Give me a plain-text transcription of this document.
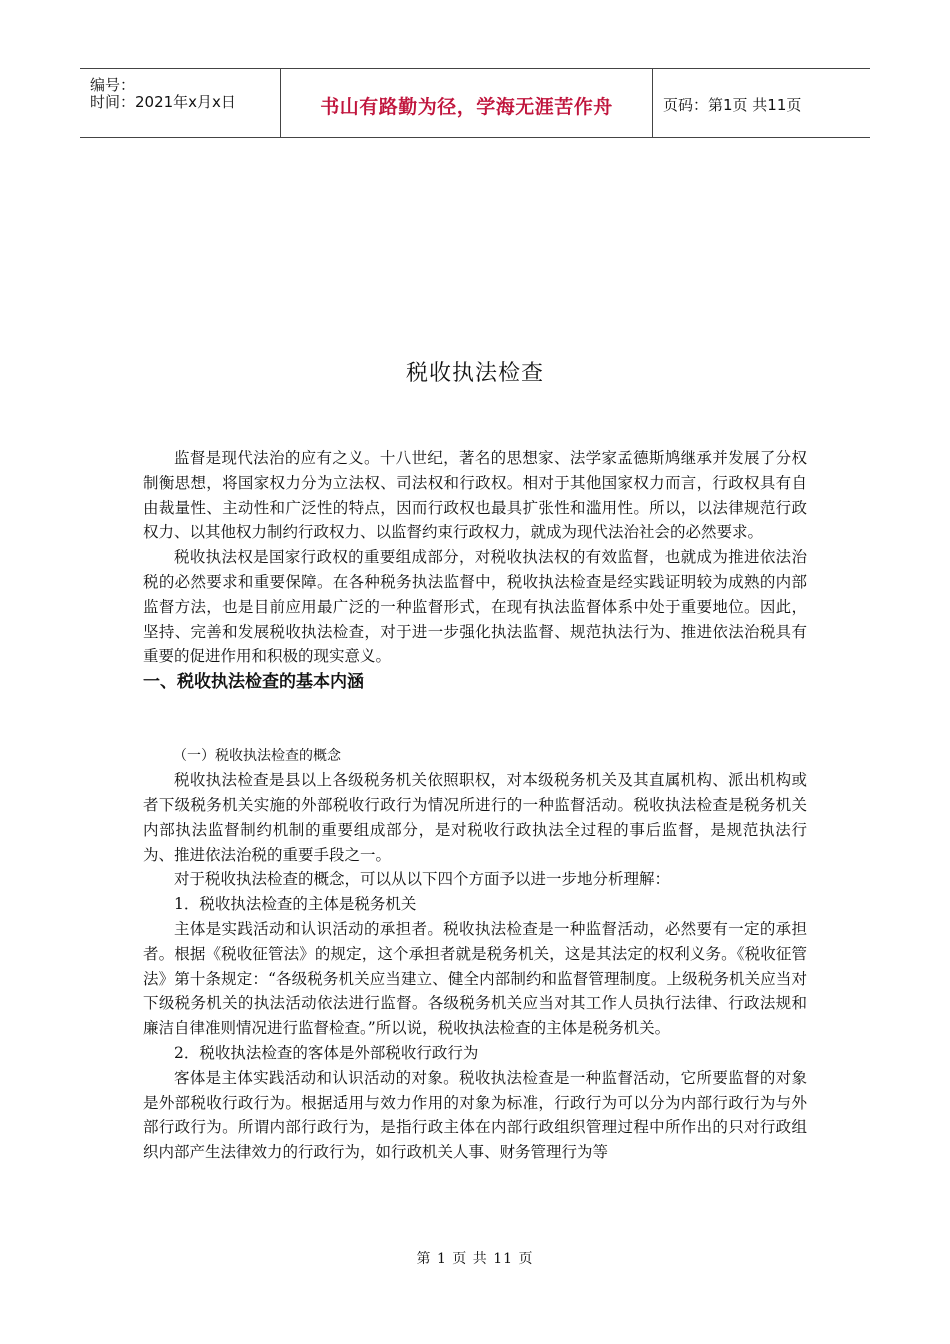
编号：
时间：2021年x月x日	书山有路勤为径，学海无涯苦作舟	页码：第1页 共11页
税收执法检查

监督是现代法治的应有之义。十八世纪，著名的思想家、法学家孟德斯鸠继承并发展了分权制衡思想，将国家权力分为立法权、司法权和行政权。相对于其他国家权力而言，行政权具有自由裁量性、主动性和广泛性的特点，因而行政权也最具扩张性和滥用性。所以，以法律规范行政权力、以其他权力制约行政权力、以监督约束行政权力，就成为现代法治社会的必然要求。

税收执法权是国家行政权的重要组成部分，对税收执法权的有效监督，也就成为推进依法治税的必然要求和重要保障。在各种税务执法监督中，税收执法检查是经实践证明较为成熟的内部监督方法，也是目前应用最广泛的一种监督形式，在现有执法监督体系中处于重要地位。因此，坚持、完善和发展税收执法检查，对于进一步强化执法监督、规范执法行为、推进依法治税具有重要的促进作用和积极的现实意义。

一、税收执法检查的基本内涵
（一）税收执法检查的概念

税收执法检查是县以上各级税务机关依照职权，对本级税务机关及其直属机构、派出机构或者下级税务机关实施的外部税收行政行为情况所进行的一种监督活动。税收执法检查是税务机关内部执法监督制约机制的重要组成部分，是对税收行政执法全过程的事后监督，是规范执法行为、推进依法治税的重要手段之一。

对于税收执法检查的概念，可以从以下四个方面予以进一步地分析理解：

1．税收执法检查的主体是税务机关

主体是实践活动和认识活动的承担者。税收执法检查是一种监督活动，必然要有一定的承担者。根据《税收征管法》的规定，这个承担者就是税务机关，这是其法定的权利义务。《税收征管法》第十条规定：“各级税务机关应当建立、健全内部制约和监督管理制度。上级税务机关应当对下级税务机关的执法活动依法进行监督。各级税务机关应当对其工作人员执行法律、行政法规和廉洁自律准则情况进行监督检查。”所以说，税收执法检查的主体是税务机关。

2．税收执法检查的客体是外部税收行政行为

客体是主体实践活动和认识活动的对象。税收执法检查是一种监督活动，它所要监督的对象是外部税收行政行为。根据适用与效力作用的对象为标准，行政行为可以分为内部行政行为与外部行政行为。所谓内部行政行为，是指行政主体在内部行政组织管理过程中所作出的只对行政组织内部产生法律效力的行政行为，如行政机关人事、财务管理行为等

第 1 页 共 11 页
